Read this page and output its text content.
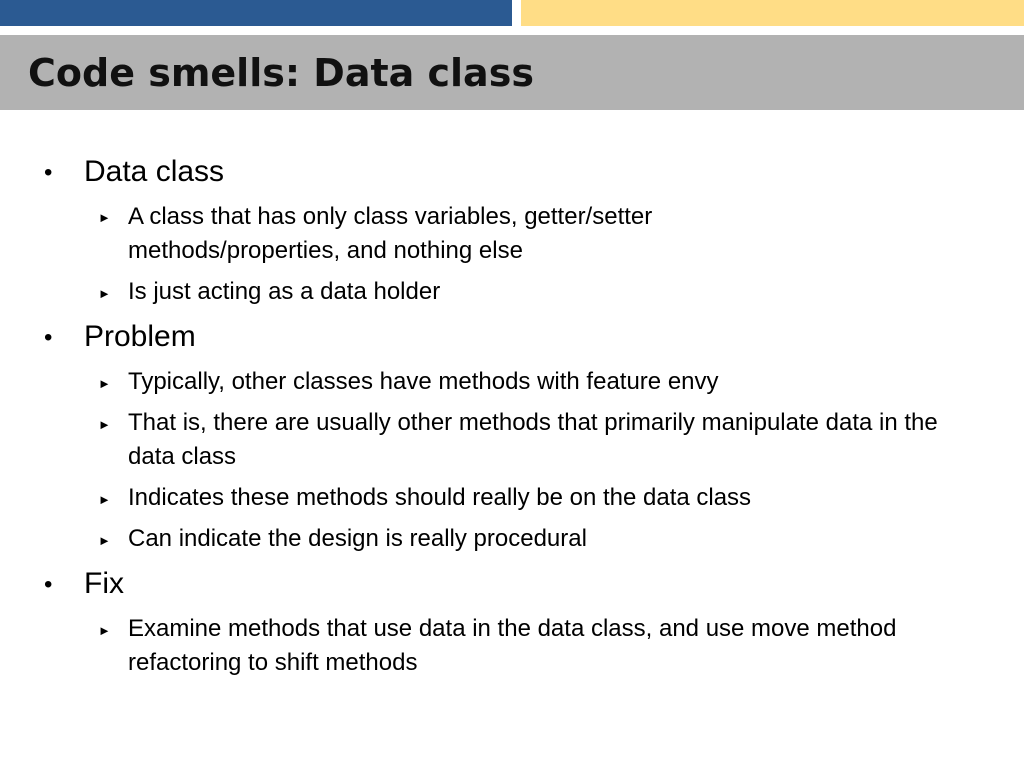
Code smells: Data class
• Data class
► A class that has only class variables, getter/setter methods/properties, and nothing else
► Is just acting as a data holder
• Problem
► Typically, other classes have methods with feature envy
► That is, there are usually other methods that primarily manipulate data in the data class
► Indicates these methods should really be on the data class
► Can indicate the design is really procedural
• Fix
► Examine methods that use data in the data class, and use move method refactoring to shift methods
